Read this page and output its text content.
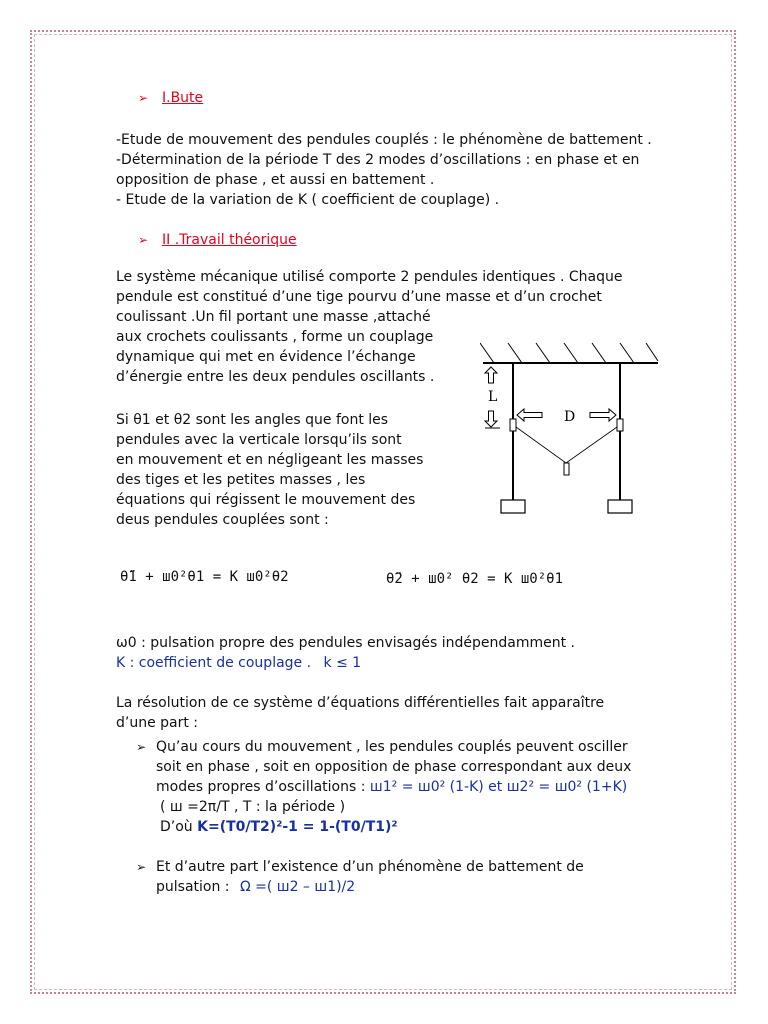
➢ I.Bute
-Etude de mouvement des pendules couplés : le phénomène de battement .
-Détermination de la période T des 2 modes d’oscillations : en phase et en
opposition de phase , et aussi en battement .
- Etude de la variation de K ( coefficient de couplage) .
➢ II .Travail théorique
Le système mécanique utilisé comporte 2 pendules identiques . Chaque
pendule est constitué d’une tige pourvu d’une masse et d’un crochet
coulissant .Un fil portant une masse ,attaché
aux crochets coulissants , forme un couplage
dynamique qui met en évidence l’échange
d’énergie entre les deux pendules oscillants .
Si θ1 et θ2 sont les angles que font les
pendules avec la verticale lorsqu’ils sont
en mouvement et en négligeant les masses
des tiges et les petites masses , les
équations qui régissent le mouvement des
deus pendules couplées sont :
L
D
θ̈1 + ш0²θ1 = K ш0²θ2	θ̈2 + ш0² θ2 = K ш0²θ1
ω0 : pulsation propre des pendules envisagés indépendamment .
K : coefficient de couplage . k ≤ 1
La résolution de ce système d’équations différentielles fait apparaître
d’une part :
➢ Qu’au cours du mouvement , les pendules couplés peuvent osciller
soit en phase , soit en opposition de phase correspondant aux deux
modes propres d’oscillations : ш1² = ш0² (1-K) et ш2² = ш0² (1+K)
( ш =2π/T , T : la période )
D’où K=(T0/T2)²-1 = 1-(T0/T1)²
➢ Et d’autre part l’existence d’un phénomène de battement de
pulsation : Ω =( ш2 – ш1)/2
